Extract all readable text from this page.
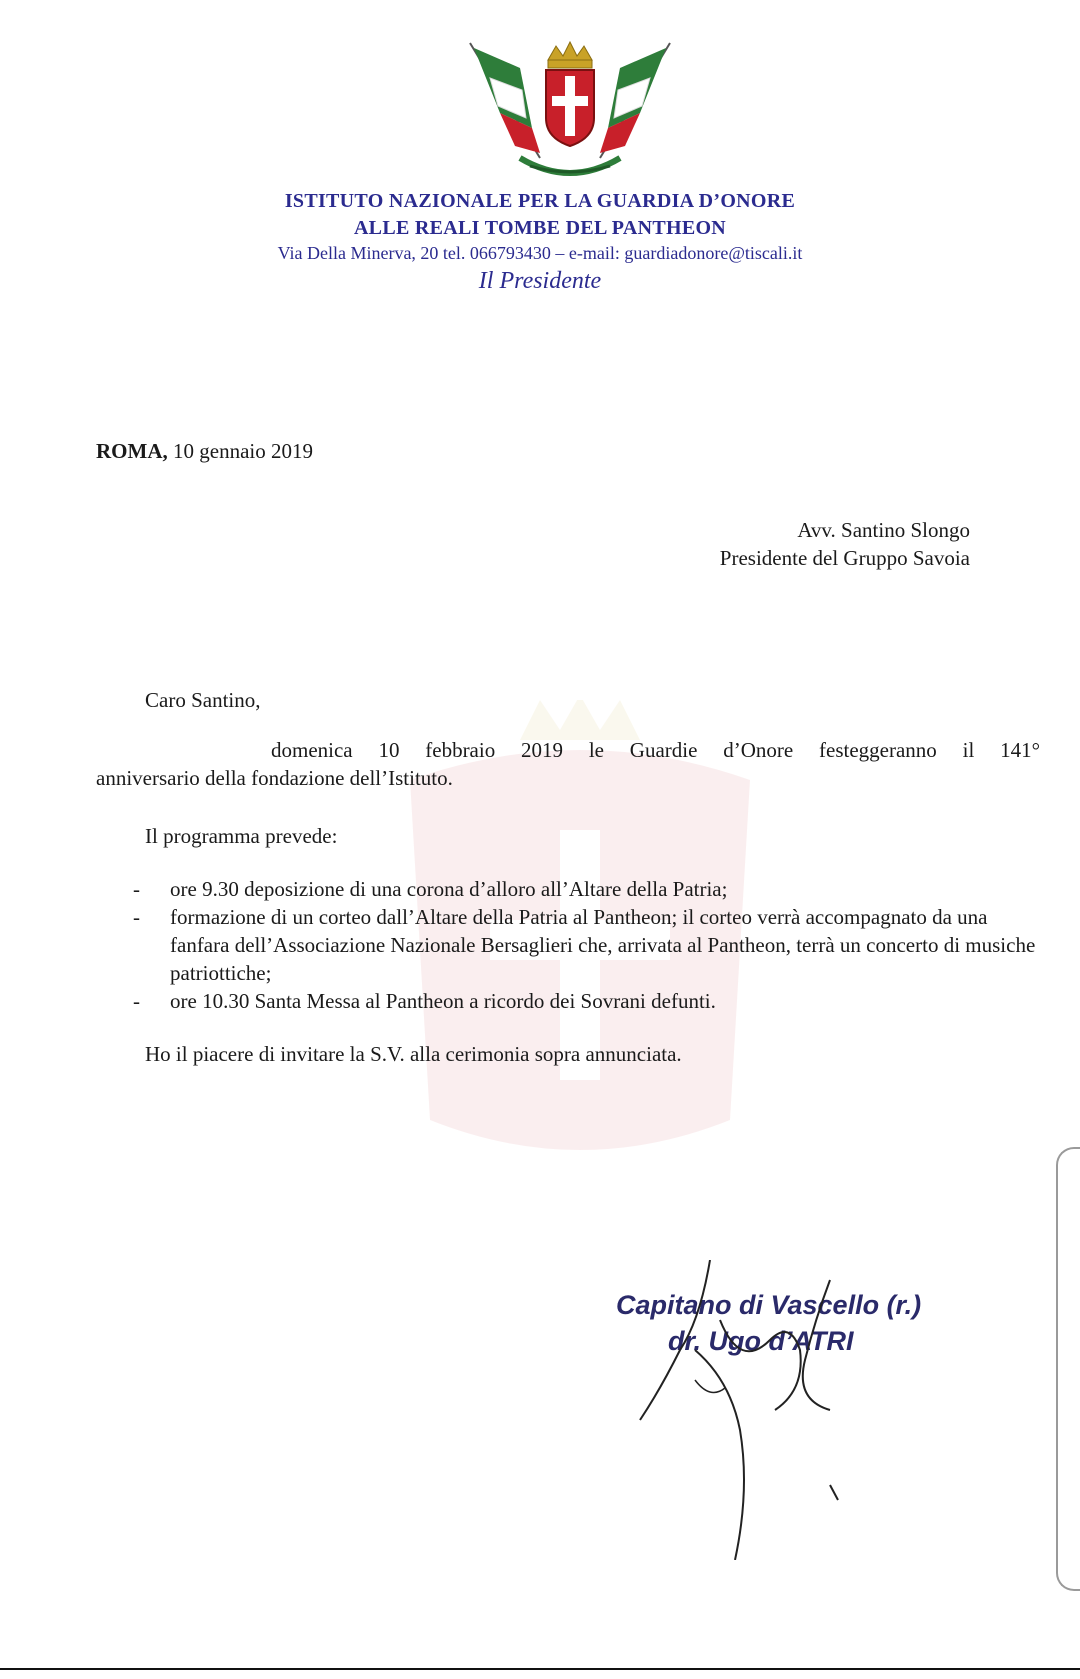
ISTITUTO NAZIONALE PER LA GUARDIA D’ONORE
ALLE REALI TOMBE DEL PANTHEON
Via Della Minerva, 20 tel. 066793430 – e-mail: guardiadonore@tiscali.it
Il Presidente
ROMA, 10 gennaio 2019
Avv. Santino Slongo
Presidente del Gruppo Savoia
Caro Santino,
domenica 10 febbraio 2019 le Guardie d’Onore festeggeranno il 141°
anniversario della fondazione dell’Istituto.
Il programma prevede:
- ore 9.30 deposizione di una corona d’alloro all’Altare della Patria;
- formazione di un corteo dall’Altare della Patria al Pantheon; il corteo verrà accompagnato da una fanfara dell’Associazione Nazionale Bersaglieri che, arrivata al Pantheon, terrà un concerto di musiche patriottiche;
- ore 10.30 Santa Messa al Pantheon a ricordo dei Sovrani defunti.
Ho il piacere di invitare la S.V. alla cerimonia sopra annunciata.
Capitano di Vascello (r.)
dr. Ugo d’ATRI
